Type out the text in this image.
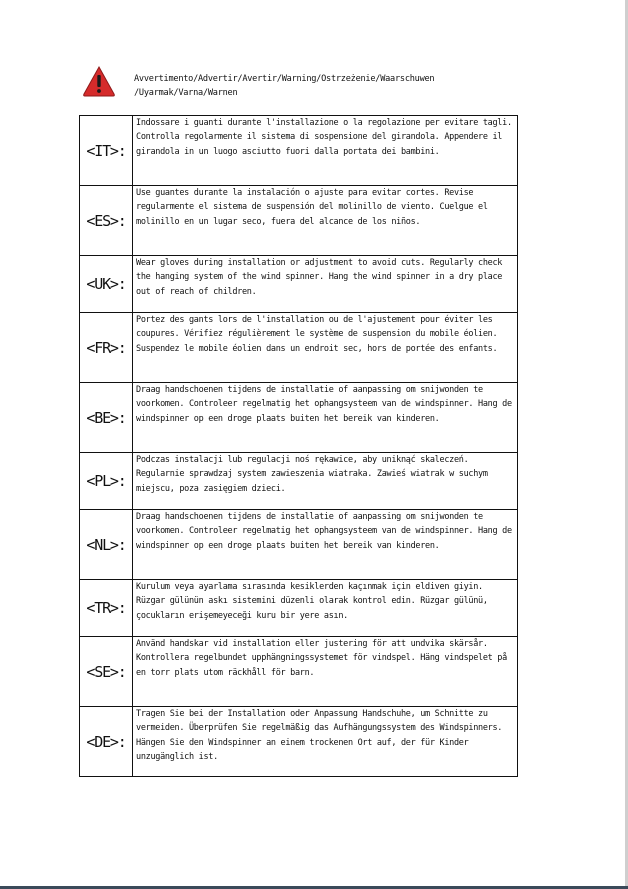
Avvertimento/Advertir/Avertir/Warning/Ostrzeżenie/Waarschuwen
/Uyarmak/Varna/Warnen
<IT>:	Indossare i guanti durante l'installazione o la regolazione per evitare tagli. Controlla regolarmente il sistema di sospensione del girandola. Appendere il girandola in un luogo asciutto fuori dalla portata dei bambini.
<ES>:	Use guantes durante la instalación o ajuste para evitar cortes. Revise regularmente el sistema de suspensión del molinillo de viento. Cuelgue el molinillo en un lugar seco, fuera del alcance de los niños.
<UK>:	Wear gloves during installation or adjustment to avoid cuts. Regularly check the hanging system of the wind spinner. Hang the wind spinner in a dry place out of reach of children.
<FR>:	Portez des gants lors de l'installation ou de l'ajustement pour éviter les coupures. Vérifiez régulièrement le système de suspension du mobile éolien. Suspendez le mobile éolien dans un endroit sec, hors de portée des enfants.
<BE>:	Draag handschoenen tijdens de installatie of aanpassing om snijwonden te voorkomen. Controleer regelmatig het ophangsysteem van de windspinner. Hang de windspinner op een droge plaats buiten het bereik van kinderen.
<PL>:	Podczas instalacji lub regulacji noś rękawice, aby uniknąć skaleczeń. Regularnie sprawdzaj system zawieszenia wiatraka. Zawieś wiatrak w suchym miejscu, poza zasięgiem dzieci.
<NL>:	Draag handschoenen tijdens de installatie of aanpassing om snijwonden te voorkomen. Controleer regelmatig het ophangsysteem van de windspinner. Hang de windspinner op een droge plaats buiten het bereik van kinderen.
<TR>:	Kurulum veya ayarlama sırasında kesiklerden kaçınmak için eldiven giyin. Rüzgar gülünün askı sistemini düzenli olarak kontrol edin. Rüzgar gülünü, çocukların erişemeyeceği kuru bir yere asın.
<SE>:	Använd handskar vid installation eller justering för att undvika skärsår. Kontrollera regelbundet upphängningssystemet för vindspel. Häng vindspelet på en torr plats utom räckhåll för barn.
<DE>:	Tragen Sie bei der Installation oder Anpassung Handschuhe, um Schnitte zu vermeiden. Überprüfen Sie regelmäßig das Aufhängungssystem des Windspinners. Hängen Sie den Windspinner an einem trockenen Ort auf, der für Kinder unzugänglich ist.
